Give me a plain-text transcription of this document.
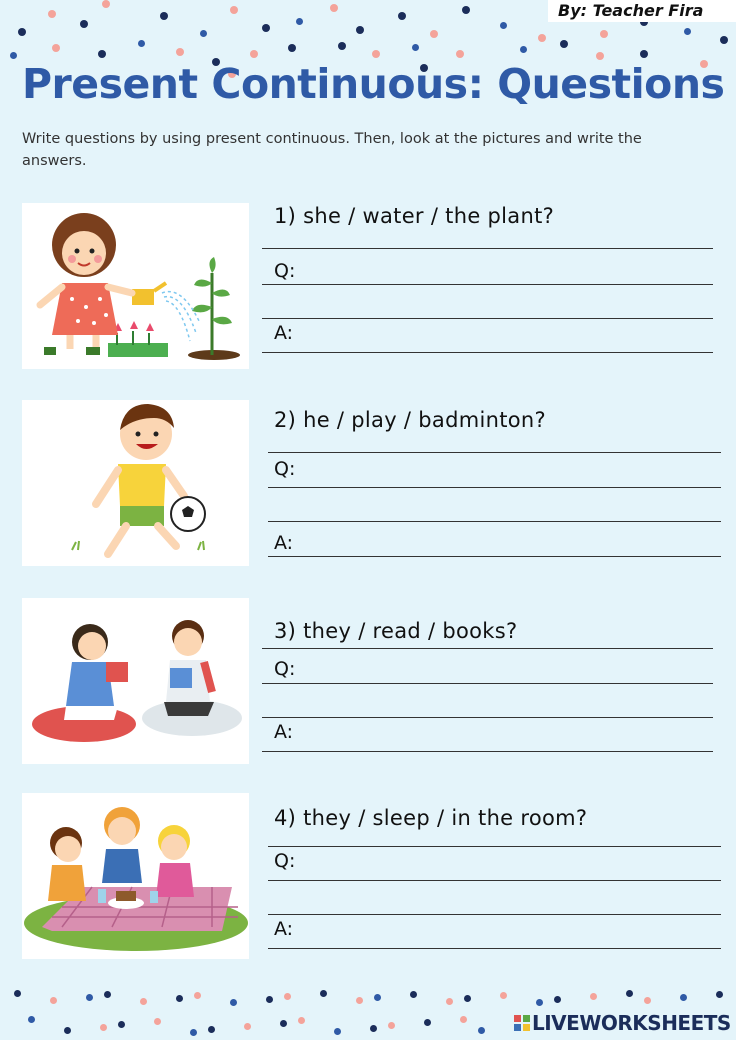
By: Teacher Fira
Present Continuous: Questions
Write questions by using present continuous. Then, look at the pictures and write the answers.
1) she / water / the plant?
Q:
A:
2) he / play / badminton?
Q:
A:
3) they / read / books?
Q:
A:
4) they / sleep / in the room?
Q:
A:
LIVEWORKSHEETS
